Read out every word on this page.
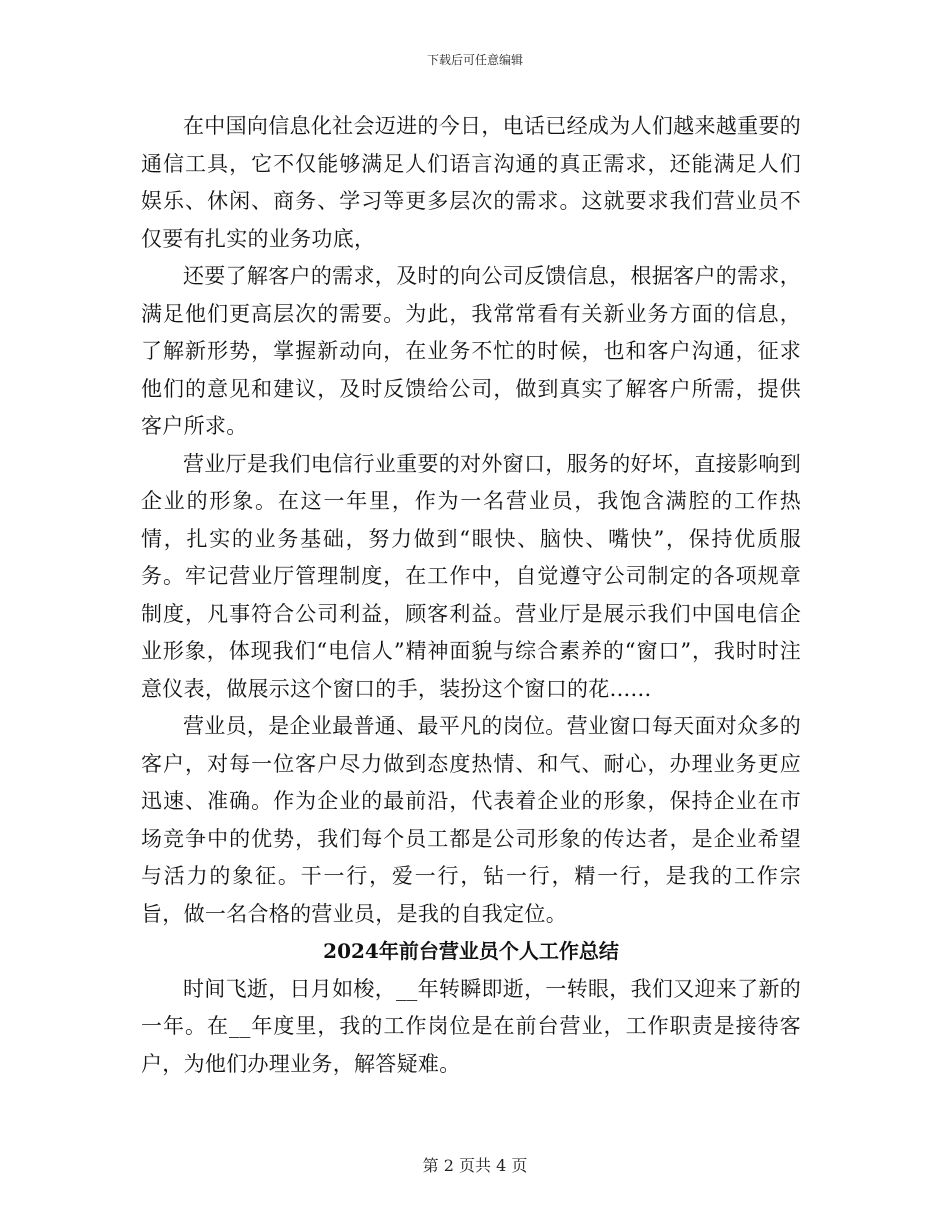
下载后可任意编辑

在中国向信息化社会迈进的今日，电话已经成为人们越来越重要的通信工具，它不仅能够满足人们语言沟通的真正需求，还能满足人们娱乐、休闲、商务、学习等更多层次的需求。这就要求我们营业员不仅要有扎实的业务功底，

还要了解客户的需求，及时的向公司反馈信息，根据客户的需求，满足他们更高层次的需要。为此，我常常看有关新业务方面的信息，了解新形势，掌握新动向，在业务不忙的时候，也和客户沟通，征求他们的意见和建议，及时反馈给公司，做到真实了解客户所需，提供客户所求。

营业厅是我们电信行业重要的对外窗口，服务的好坏，直接影响到企业的形象。在这一年里，作为一名营业员，我饱含满腔的工作热情，扎实的业务基础，努力做到“眼快、脑快、嘴快”，保持优质服务。牢记营业厅管理制度，在工作中，自觉遵守公司制定的各项规章制度，凡事符合公司利益，顾客利益。营业厅是展示我们中国电信企业形象，体现我们“电信人”精神面貌与综合素养的“窗口”，我时时注意仪表，做展示这个窗口的手，装扮这个窗口的花......

营业员，是企业最普通、最平凡的岗位。营业窗口每天面对众多的客户，对每一位客户尽力做到态度热情、和气、耐心，办理业务更应迅速、准确。作为企业的最前沿，代表着企业的形象，保持企业在市场竞争中的优势，我们每个员工都是公司形象的传达者，是企业希望与活力的象征。干一行，爱一行，钻一行，精一行，是我的工作宗旨，做一名合格的营业员，是我的自我定位。

2024年前台营业员个人工作总结

时间飞逝，日月如梭，__年转瞬即逝，一转眼，我们又迎来了新的一年。在__年度里，我的工作岗位是在前台营业，工作职责是接待客户，为他们办理业务，解答疑难。

第 2 页共 4 页
